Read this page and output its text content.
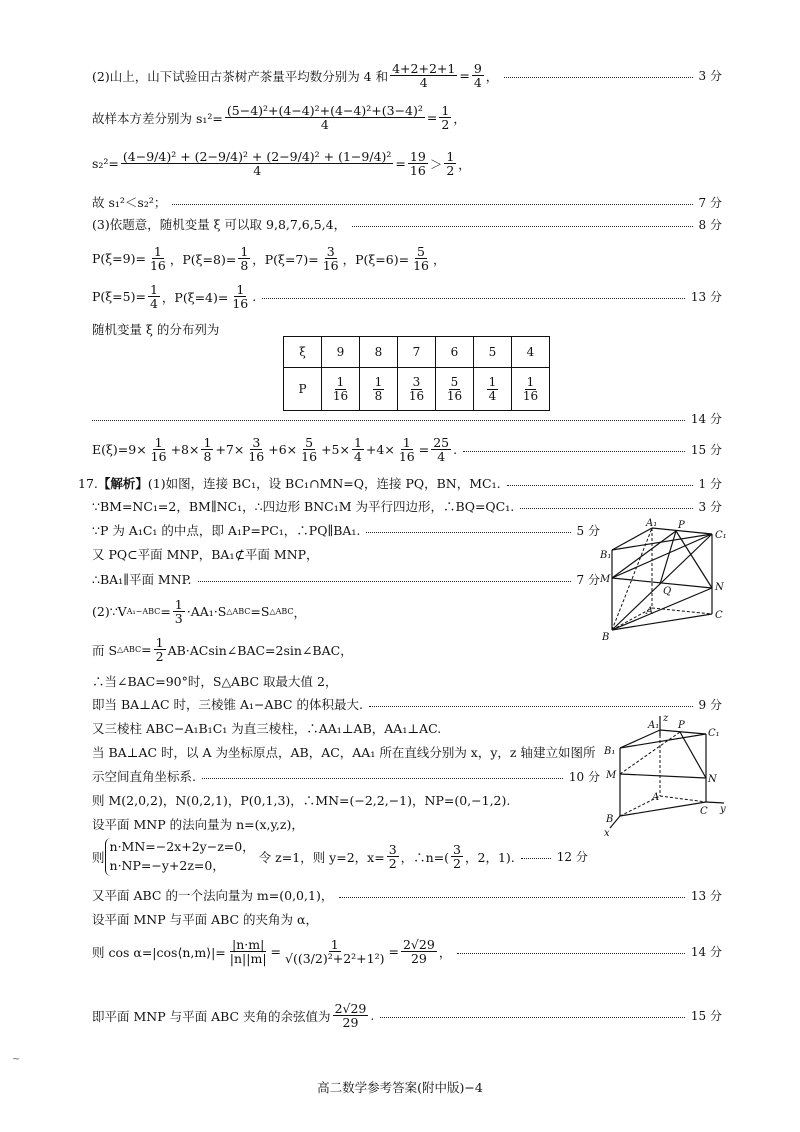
(2)山上，山下试验田古茶树产茶量平均数分别为 4 和 $\frac{4+2+2+1}{4} = \frac{9}{4}$ ，	3 分
故样本方差分别为 $s_1^2= \frac{\text{(5−4)²+(4−4)²+(4−4)²+(3−4)²}}{4} = \frac{1}{2}$ ，
$s_2^2= \frac{\text{(4−9/4)² + (2−9/4)² + (2−9/4)² + (1−9/4)²}}{4} = \frac{19}{16}$ ＞
1
2 ，
故 s₁²＜s₂²；	7 分
(3)依题意，随机变量 ξ 可以取 9,8,7,6,5,4，	8 分
$P(\xi=9)= \frac{1}{16}$ ，$P(\xi=8)= \frac{1}{8}$ ，$P(\xi=7)= \frac{3}{16}$ ，$P(\xi=6)= \frac{5}{16}$ ，
$P(\xi=5)= \frac{1}{4}$ ，$P(\xi=4)= \frac{1}{16}$ .	13 分
随机变量 ξ 的分布列为
ξ	9	8	7	6	5	4
P	$\frac{1}{16}$	$\frac{1}{8}$	$\frac{3}{16}$	$\frac{5}{16}$	$\frac{1}{4}$	$\frac{1}{16}$
14 分
$E(\xi)=9\times \frac{1}{16} +8\times \frac{1}{8} +7\times \frac{3}{16} +6\times \frac{5}{16} +5\times \frac{1}{4} +4\times \frac{1}{16} = \frac{25}{4}$ .	15 分
17. 【解析】 (1)如图，连接 BC₁，设 BC₁∩MN=Q，连接 PQ，BN，MC₁.	1 分
∵BM=NC₁=2，BM∥NC₁，∴四边形 BNC₁M 为平行四边形，∴BQ=QC₁.	3 分
∵P 为 A₁C₁ 的中点，即 A₁P=PC₁，∴PQ∥BA₁.	5 分
又 PQ⊂平面 MNP，BA₁⊄平面 MNP，
∴BA₁∥平面 MNP.	7 分
(2)∵V $A_1-ABC = \frac{1}{3} \cdot AA_1\cdot S$ △ABC =S △ABC ，
而 S △ABC = $\frac{1}{2}$ AB·ACsin∠BAC=2sin∠BAC，
∴当∠BAC=90°时，S△ABC 取最大值 2，
即当 BA⊥AC 时，三棱锥 A₁−ABC 的体积最大.	9 分
又三棱柱 ABC−A₁B₁C₁ 为直三棱柱，∴AA₁⊥AB，AA₁⊥AC.
当 BA⊥AC 时，以 A 为坐标原点，AB，AC，AA₁ 所在直线分别为 x，y，z 轴建立如图所
示空间直角坐标系.	10 分
则 M(2,0,2)，N(0,2,1)，P(0,1,3)，∴MN=(−2,2,−1)，NP=(0,−1,2).
设平面 MNP 的法向量为 n=(x,y,z)，
则
n·MN=−2x+2y−z=0，
n·NP=−y+2z=0，
令 z=1，则 y=2，$x= \frac{3}{2}$ ，∴n=(
3
2 ，2，1).	12 分
又平面 ABC 的一个法向量为 m=(0,0,1)，	13 分
设平面 MNP 与平面 ABC 的夹角为 α，
则 cos α=|cos⟨n,m⟩|= $\frac{|n\cdot m|}{|n||m|} = \frac{1}{\text{√((3/2)²+2²+1²)}} = \frac{2√29}{29}$ ，	14 分
即平面 MNP 与平面 ABC 夹角的余弦值为
2√29
29 .	15 分
A₁ P
C₁
B₁
M
Q	N
A	C
B
z
A₁ P
C₁
B₁
M	N
A
C y
B
x
~
高二数学参考答案(附中版)−4
